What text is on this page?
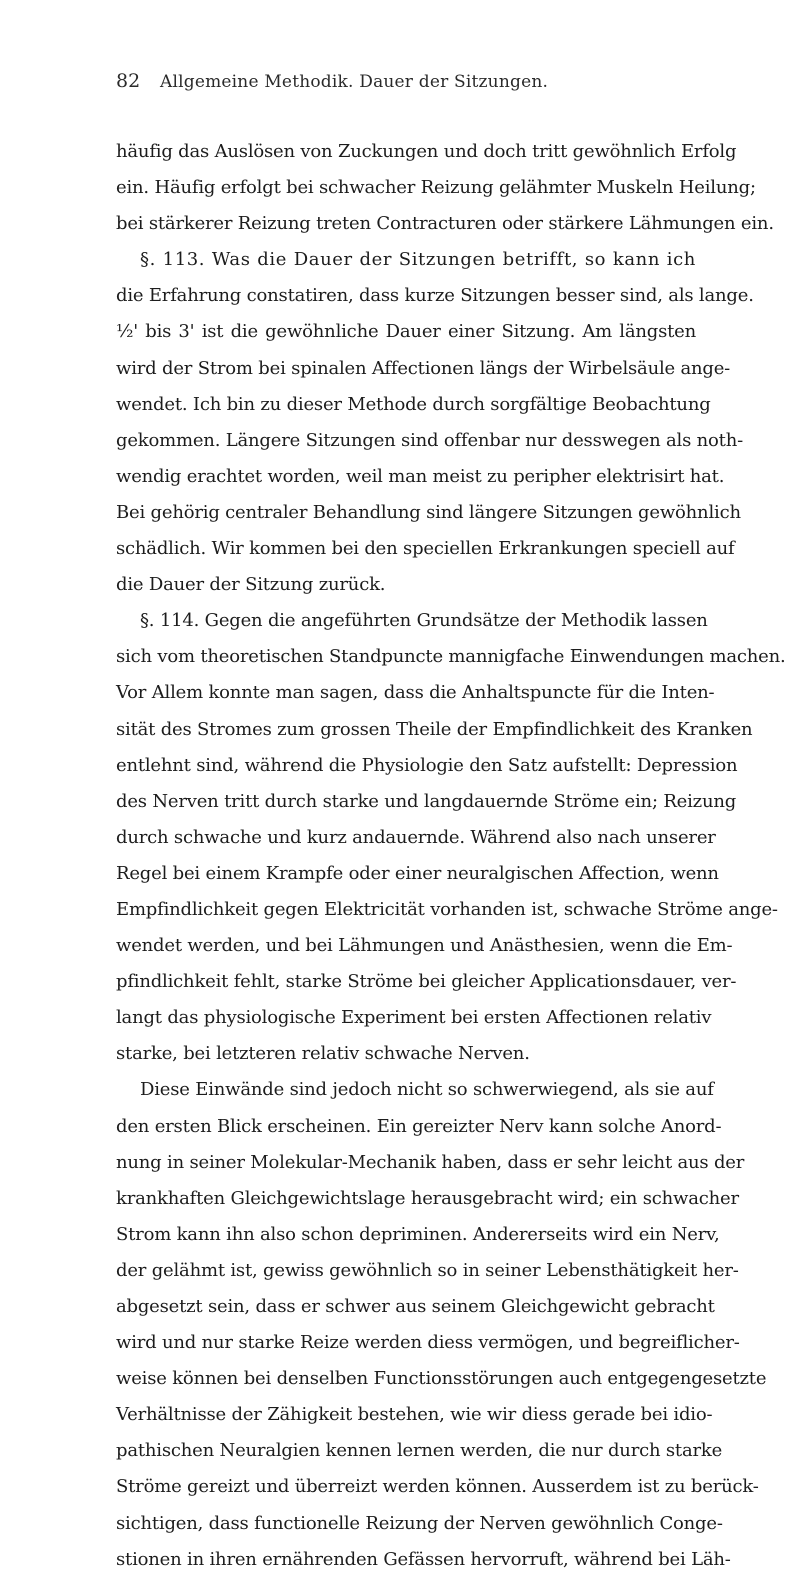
82	Allgemeine Methodik. Dauer der Sitzungen.
häufig das Auslösen von Zuckungen und doch tritt gewöhnlich Erfolg
ein. Häufig erfolgt bei schwacher Reizung gelähmter Muskeln Heilung;
bei stärkerer Reizung treten Contracturen oder stärkere Lähmungen ein.
§. 113. Was die Dauer der Sitzungen betrifft, so kann ich
die Erfahrung constatiren, dass kurze Sitzungen besser sind, als lange.
½' bis 3' ist die gewöhnliche Dauer einer Sitzung. Am längsten
wird der Strom bei spinalen Affectionen längs der Wirbelsäule ange-
wendet. Ich bin zu dieser Methode durch sorgfältige Beobachtung
gekommen. Längere Sitzungen sind offenbar nur desswegen als noth-
wendig erachtet worden, weil man meist zu peripher elektrisirt hat.
Bei gehörig centraler Behandlung sind längere Sitzungen gewöhnlich
schädlich. Wir kommen bei den speciellen Erkrankungen speciell auf
die Dauer der Sitzung zurück.
§. 114. Gegen die angeführten Grundsätze der Methodik lassen
sich vom theoretischen Standpuncte mannigfache Einwendungen machen.
Vor Allem konnte man sagen, dass die Anhaltspuncte für die Inten-
sität des Stromes zum grossen Theile der Empfindlichkeit des Kranken
entlehnt sind, während die Physiologie den Satz aufstellt: Depression
des Nerven tritt durch starke und langdauernde Ströme ein; Reizung
durch schwache und kurz andauernde. Während also nach unserer
Regel bei einem Krampfe oder einer neuralgischen Affection, wenn
Empfindlichkeit gegen Elektricität vorhanden ist, schwache Ströme ange-
wendet werden, und bei Lähmungen und Anästhesien, wenn die Em-
pfindlichkeit fehlt, starke Ströme bei gleicher Applicationsdauer, ver-
langt das physiologische Experiment bei ersten Affectionen relativ
starke, bei letzteren relativ schwache Nerven.
Diese Einwände sind jedoch nicht so schwerwiegend, als sie auf
den ersten Blick erscheinen. Ein gereizter Nerv kann solche Anord-
nung in seiner Molekular-Mechanik haben, dass er sehr leicht aus der
krankhaften Gleichgewichtslage herausgebracht wird; ein schwacher
Strom kann ihn also schon depriminen. Andererseits wird ein Nerv,
der gelähmt ist, gewiss gewöhnlich so in seiner Lebensthätigkeit her-
abgesetzt sein, dass er schwer aus seinem Gleichgewicht gebracht
wird und nur starke Reize werden diess vermögen, und begreiflicher-
weise können bei denselben Functionsstörungen auch entgegengesetzte
Verhältnisse der Zähigkeit bestehen, wie wir diess gerade bei idio-
pathischen Neuralgien kennen lernen werden, die nur durch starke
Ströme gereizt und überreizt werden können. Ausserdem ist zu berück-
sichtigen, dass functionelle Reizung der Nerven gewöhnlich Conge-
stionen in ihren ernährenden Gefässen hervorruft, während bei Läh-
